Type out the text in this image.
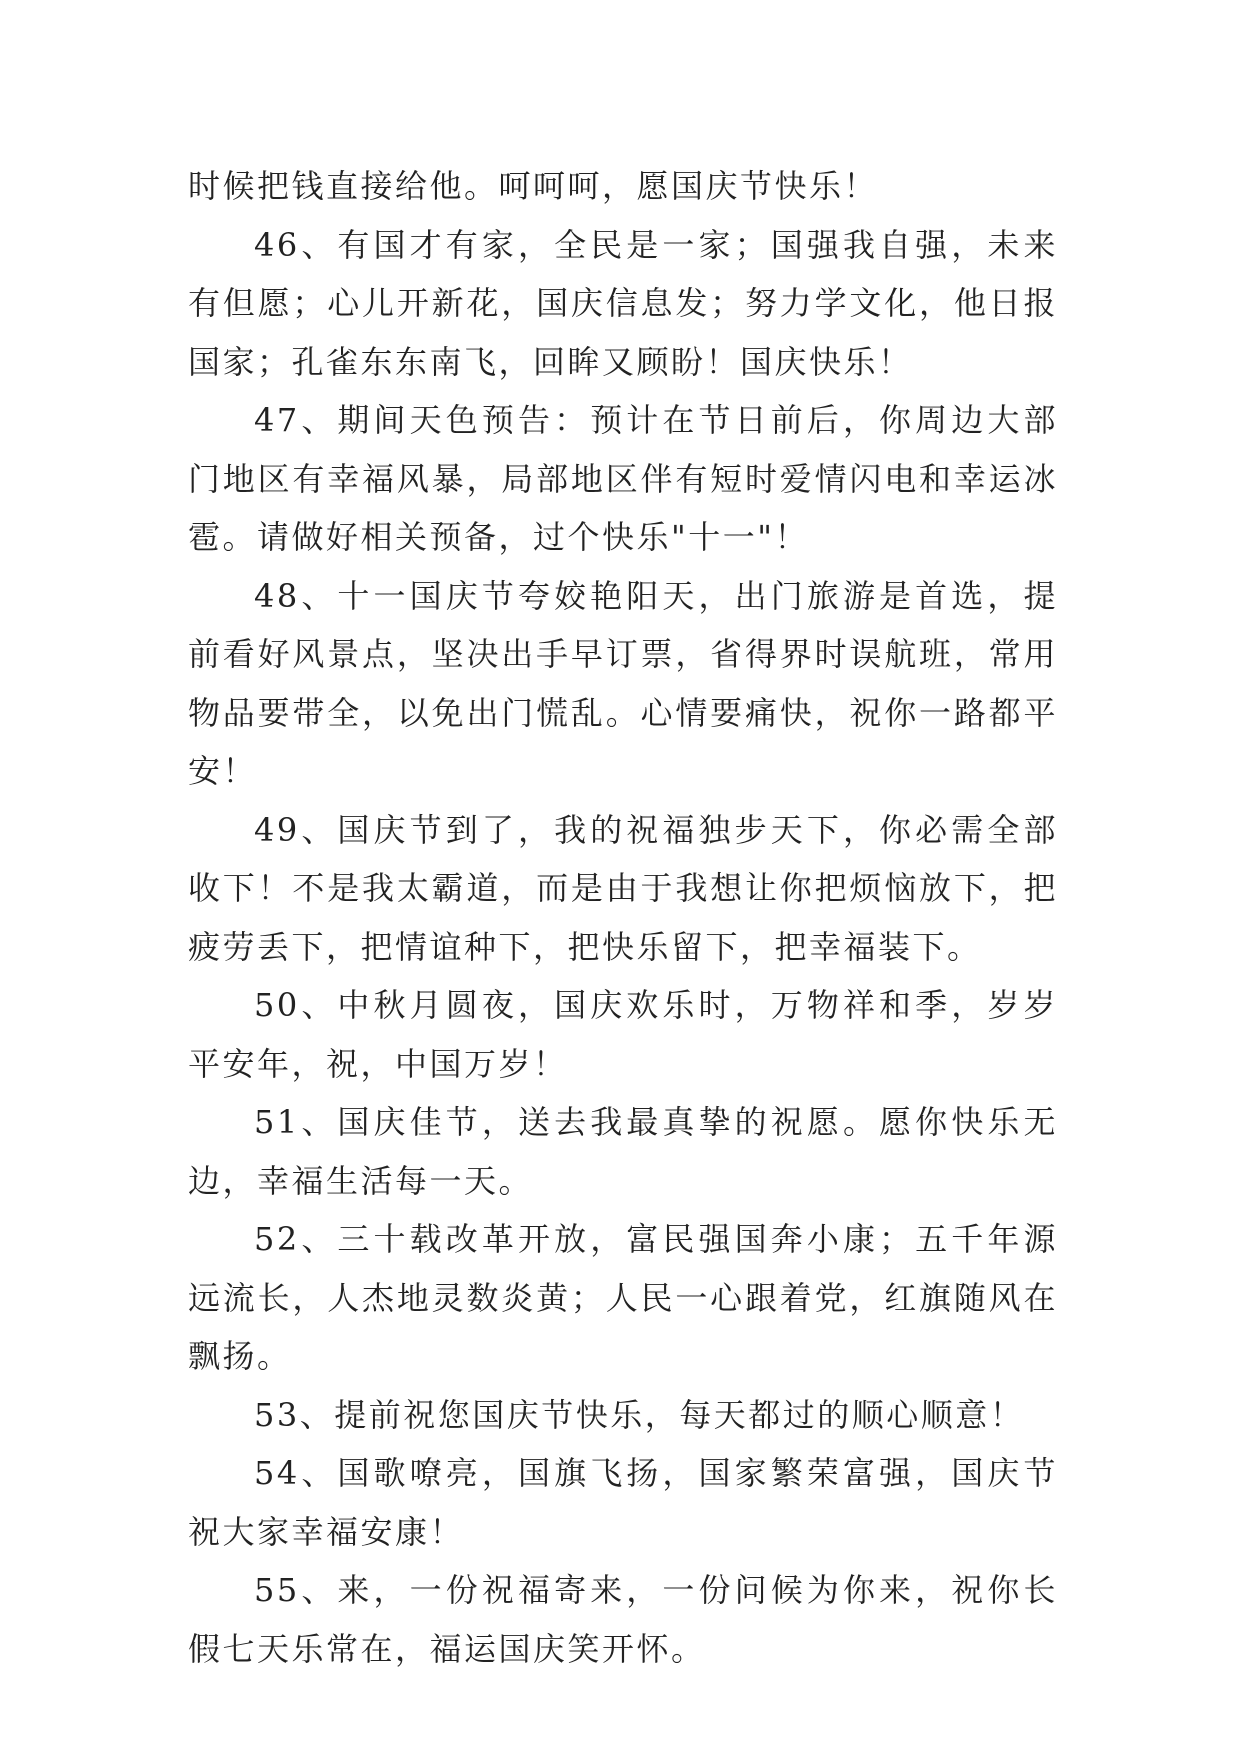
时候把钱直接给他。呵呵呵，愿国庆节快乐！

46、有国才有家，全民是一家；国强我自强，未来有但愿；心儿开新花，国庆信息发；努力学文化，他日报国家；孔雀东东南飞，回眸又顾盼！国庆快乐！

47、期间天色预告：预计在节日前后，你周边大部门地区有幸福风暴，局部地区伴有短时爱情闪电和幸运冰雹。请做好相关预备，过个快乐"十一"！

48、十一国庆节夸姣艳阳天，出门旅游是首选，提前看好风景点，坚决出手早订票，省得界时误航班，常用物品要带全，以免出门慌乱。心情要痛快，祝你一路都平安！

49、国庆节到了，我的祝福独步天下，你必需全部收下！不是我太霸道，而是由于我想让你把烦恼放下，把疲劳丢下，把情谊种下，把快乐留下，把幸福装下。

50、中秋月圆夜，国庆欢乐时，万物祥和季，岁岁平安年，祝，中国万岁！

51、国庆佳节，送去我最真挚的祝愿。愿你快乐无边，幸福生活每一天。

52、三十载改革开放，富民强国奔小康；五千年源远流长，人杰地灵数炎黄；人民一心跟着党，红旗随风在飘扬。

53、提前祝您国庆节快乐，每天都过的顺心顺意！

54、国歌嘹亮，国旗飞扬，国家繁荣富强，国庆节祝大家幸福安康！

55、来，一份祝福寄来，一份问候为你来，祝你长假七天乐常在，福运国庆笑开怀。
